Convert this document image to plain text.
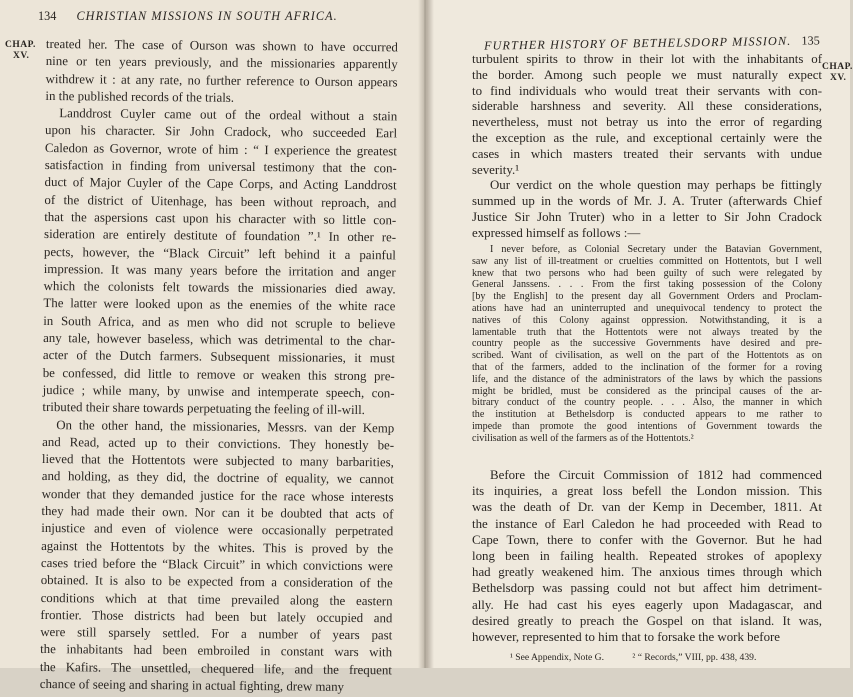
134 CHRISTIAN MISSIONS IN SOUTH AFRICA.
CHAP.
XV.
treated her. The case of Ourson was shown to have occurred
nine or ten years previously, and the missionaries apparently
withdrew it : at any rate, no further reference to Ourson appears
in the published records of the trials.
Landdrost Cuyler came out of the ordeal without a stain
upon his character. Sir John Cradock, who succeeded Earl
Caledon as Governor, wrote of him : “ I experience the greatest
satisfaction in finding from universal testimony that the con-
duct of Major Cuyler of the Cape Corps, and Acting Landdrost
of the district of Uitenhage, has been without reproach, and
that the aspersions cast upon his character with so little con-
sideration are entirely destitute of foundation ”.¹ In other re-
pects, however, the “Black Circuit” left behind it a painful
impression. It was many years before the irritation and anger
which the colonists felt towards the missionaries died away.
The latter were looked upon as the enemies of the white race
in South Africa, and as men who did not scruple to believe
any tale, however baseless, which was detrimental to the char-
acter of the Dutch farmers. Subsequent missionaries, it must
be confessed, did little to remove or weaken this strong pre-
judice ; while many, by unwise and intemperate speech, con-
tributed their share towards perpetuating the feeling of ill-will.
On the other hand, the missionaries, Messrs. van der Kemp
and Read, acted up to their convictions. They honestly be-
lieved that the Hottentots were subjected to many barbarities,
and holding, as they did, the doctrine of equality, we cannot
wonder that they demanded justice for the race whose interests
they had made their own. Nor can it be doubted that acts of
injustice and even of violence were occasionally perpetrated
against the Hottentots by the whites. This is proved by the
cases tried before the “Black Circuit” in which convictions were
obtained. It is also to be expected from a consideration of the
conditions which at that time prevailed along the eastern
frontier. Those districts had been but lately occupied and
were still sparsely settled. For a number of years past
the inhabitants had been embroiled in constant wars with
the Kafirs. The unsettled, chequered life, and the frequent
chance of seeing and sharing in actual fighting, drew many
FURTHER HISTORY OF BETHELSDORP MISSION. 135
CHAP.
XV.
turbulent spirits to throw in their lot with the inhabitants of
the border. Among such people we must naturally expect
to find individuals who would treat their servants with con-
siderable harshness and severity. All these considerations,
nevertheless, must not betray us into the error of regarding
the exception as the rule, and exceptional certainly were the
cases in which masters treated their servants with undue
severity.¹
Our verdict on the whole question may perhaps be fittingly
summed up in the words of Mr. J. A. Truter (afterwards Chief
Justice Sir John Truter) who in a letter to Sir John Cradock
expressed himself as follows :—
I never before, as Colonial Secretary under the Batavian Government,
saw any list of ill-treatment or cruelties committed on Hottentots, but I well
knew that two persons who had been guilty of such were relegated by
General Janssens. . . . From the first taking possession of the Colony
[by the English] to the present day all Government Orders and Proclam-
ations have had an uninterrupted and unequivocal tendency to protect the
natives of this Colony against oppression. Notwithstanding, it is a
lamentable truth that the Hottentots were not always treated by the
country people as the successive Governments have desired and pre-
scribed. Want of civilisation, as well on the part of the Hottentots as on
that of the farmers, added to the inclination of the former for a roving
life, and the distance of the administrators of the laws by which the passions
might be bridled, must be considered as the principal causes of the ar-
bitrary conduct of the country people. . . . Also, the manner in which
the institution at Bethelsdorp is conducted appears to me rather to
impede than promote the good intentions of Government towards the
civilisation as well of the farmers as of the Hottentots.²
Before the Circuit Commission of 1812 had commenced
its inquiries, a great loss befell the London mission. This
was the death of Dr. van der Kemp in December, 1811. At
the instance of Earl Caledon he had proceeded with Read to
Cape Town, there to confer with the Governor. But he had
long been in failing health. Repeated strokes of apoplexy
had greatly weakened him. The anxious times through which
Bethelsdorp was passing could not but affect him detriment-
ally. He had cast his eyes eagerly upon Madagascar, and
desired greatly to preach the Gospel on that island. It was,
however, represented to him that to forsake the work before
¹ See Appendix, Note G.	² “ Records,” VIII, pp. 438, 439.
